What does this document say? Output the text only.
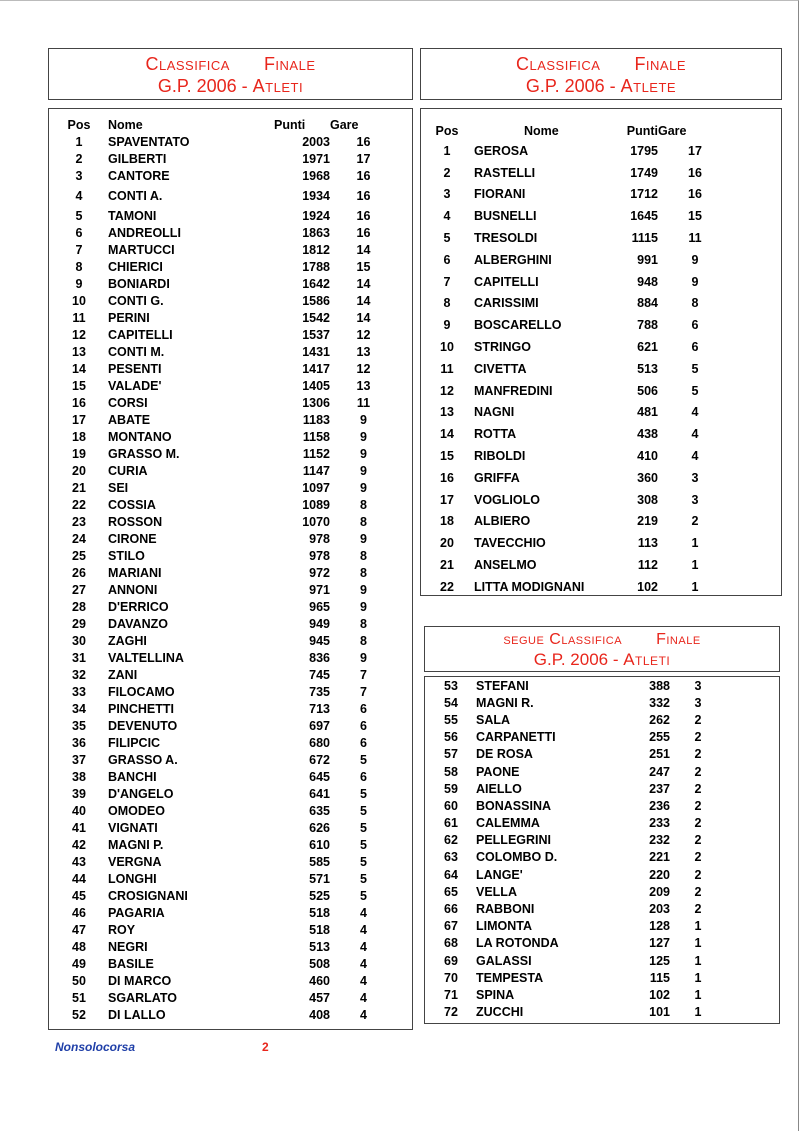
Classifica Finale
G.P. 2006 - Atleti
Classifica Finale
G.P. 2006 - Atlete
Pos	Nome	Punti	Gare
1	SPAVENTATO	2003	16
2	GILBERTI	1971	17
3	CANTORE	1968	16
4	CONTI A.	1934	16
5	TAMONI	1924	16
6	ANDREOLLI	1863	16
7	MARTUCCI	1812	14
8	CHIERICI	1788	15
9	BONIARDI	1642	14
10	CONTI G.	1586	14
11	PERINI	1542	14
12	CAPITELLI	1537	12
13	CONTI M.	1431	13
14	PESENTI	1417	12
15	VALADE'	1405	13
16	CORSI	1306	11
17	ABATE	1183	9
18	MONTANO	1158	9
19	GRASSO M.	1152	9
20	CURIA	1147	9
21	SEI	1097	9
22	COSSIA	1089	8
23	ROSSON	1070	8
24	CIRONE	978	9
25	STILO	978	8
26	MARIANI	972	8
27	ANNONI	971	9
28	D'ERRICO	965	9
29	DAVANZO	949	8
30	ZAGHI	945	8
31	VALTELLINA	836	9
32	ZANI	745	7
33	FILOCAMO	735	7
34	PINCHETTI	713	6
35	DEVENUTO	697	6
36	FILIPCIC	680	6
37	GRASSO A.	672	5
38	BANCHI	645	6
39	D'ANGELO	641	5
40	OMODEO	635	5
41	VIGNATI	626	5
42	MAGNI P.	610	5
43	VERGNA	585	5
44	LONGHI	571	5
45	CROSIGNANI	525	5
46	PAGARIA	518	4
47	ROY	518	4
48	NEGRI	513	4
49	BASILE	508	4
50	DI MARCO	460	4
51	SGARLATO	457	4
52	DI LALLO	408	4
Pos	Nome	Punti	Gare
1	GEROSA	1795	17
2	RASTELLI	1749	16
3	FIORANI	1712	16
4	BUSNELLI	1645	15
5	TRESOLDI	1115	11
6	ALBERGHINI	991	9
7	CAPITELLI	948	9
8	CARISSIMI	884	8
9	BOSCARELLO	788	6
10	STRINGO	621	6
11	CIVETTA	513	5
12	MANFREDINI	506	5
13	NAGNI	481	4
14	ROTTA	438	4
15	RIBOLDI	410	4
16	GRIFFA	360	3
17	VOGLIOLO	308	3
18	ALBIERO	219	2
20	TAVECCHIO	113	1
21	ANSELMO	112	1
22	LITTA MODIGNANI	102	1
segue Classifica Finale
G.P. 2006 - Atleti
53	STEFANI	388	3
54	MAGNI R.	332	3
55	SALA	262	2
56	CARPANETTI	255	2
57	DE ROSA	251	2
58	PAONE	247	2
59	AIELLO	237	2
60	BONASSINA	236	2
61	CALEMMA	233	2
62	PELLEGRINI	232	2
63	COLOMBO D.	221	2
64	LANGE'	220	2
65	VELLA	209	2
66	RABBONI	203	2
67	LIMONTA	128	1
68	LA ROTONDA	127	1
69	GALASSI	125	1
70	TEMPESTA	115	1
71	SPINA	102	1
72	ZUCCHI	101	1
Nonsolocorsa	2
